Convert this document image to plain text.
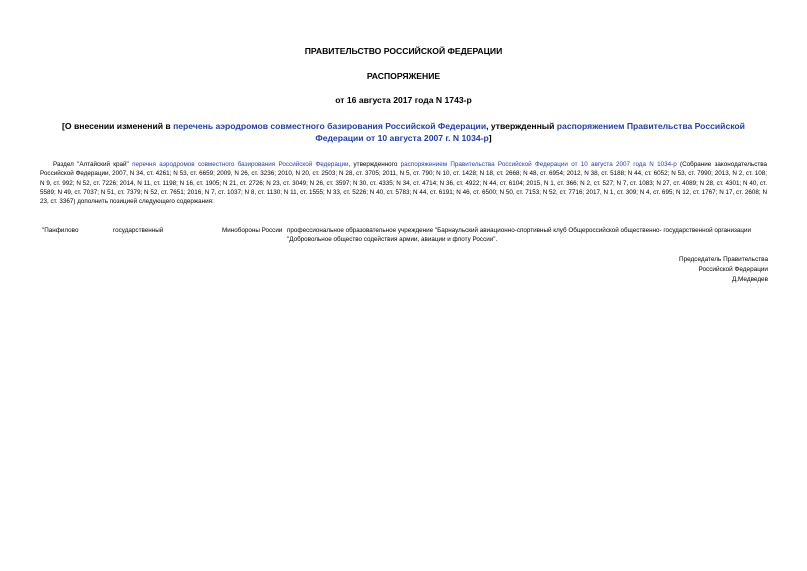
ПРАВИТЕЛЬСТВО РОССИЙСКОЙ ФЕДЕРАЦИИ
РАСПОРЯЖЕНИЕ
от 16 августа 2017 года N 1743-р
[О внесении изменений в перечень аэродромов совместного базирования Российской Федерации, утвержденный распоряжением Правительства Российской Федерации от 10 августа 2007 г. N 1034-р]
Раздел "Алтайский край" перечня аэродромов совместного базирования Российской Федерации, утвержденного распоряжением Правительства Российской Федерации от 10 августа 2007 года N 1034-р (Собрание законодательства Российской Федерации, 2007, N 34, ст. 4261; N 53, ст. 6659; 2009, N 26, ст. 3236; 2010, N 20, ст. 2503; N 28, ст. 3705; 2011, N 5, ст. 790; N 10, ст. 1428; N 18, ст. 2668; N 48, ст. 6954; 2012, N 38, ст. 5188; N 44, ст. 6052; N 53, ст. 7990; 2013, N 2, ст. 108; N 9, ст. 992; N 52, ст. 7226; 2014, N 11, ст. 1198; N 16, ст. 1905; N 21, ст. 2726; N 23, ст. 3049; N 26, ст. 3597; N 30, ст. 4335; N 34, ст. 4714; N 36, ст. 4922; N 44, ст. 6104; 2015, N 1, ст. 366; N 2, ст. 527; N 7, ст. 1083; N 27, ст. 4089; N 28, ст. 4301; N 40, ст. 5589; N 49, ст. 7037; N 51, ст. 7379; N 52, ст. 7651; 2016, N 7, ст. 1037; N 8, ст. 1130; N 11, ст. 1555; N 33, ст. 5226; N 40, ст. 5783; N 44, ст. 6191; N 46, ст. 6500; N 50, ст. 7153; N 52, ст. 7716; 2017, N 1, ст. 309; N 4, ст. 695; N 12, ст. 1767; N 17, ст. 2608; N 23, ст. 3367) дополнить позицией следующего содержания:
"Панфилово	государственный	Минобороны России профессиональное образовательное учреждение "Барнаульский авиационно-спортивный клуб Общероссийской общественно- государственной организации "Добровольное общество содействия армии, авиации и флоту России".
Председатель Правительства
Российской Федерации
Д.Медведев
